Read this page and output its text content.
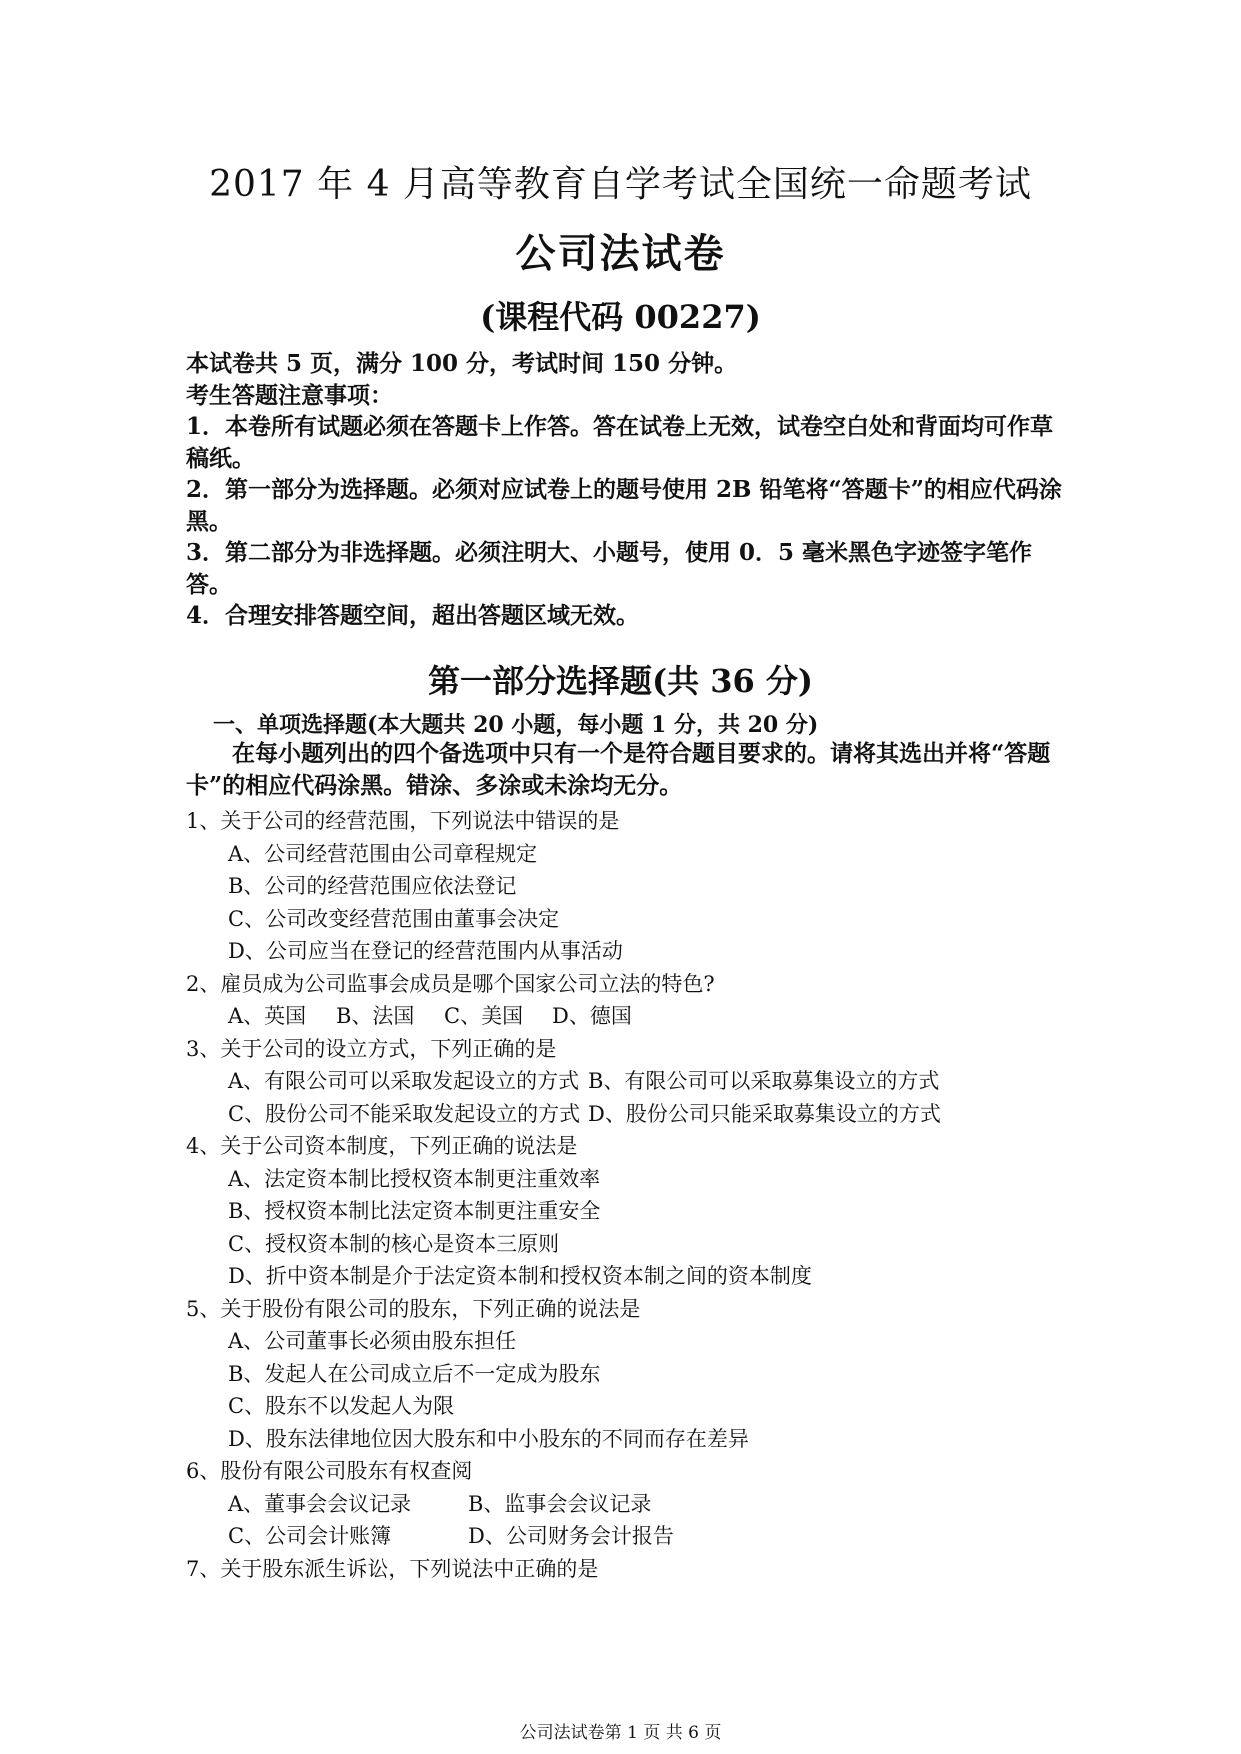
2017 年 4 月高等教育自学考试全国统一命题考试
公司法试卷
(课程代码 00227)
本试卷共 5 页，满分 100 分，考试时间 150 分钟。
考生答题注意事项：
1．本卷所有试题必须在答题卡上作答。答在试卷上无效，试卷空白处和背面均可作草稿纸。
2．第一部分为选择题。必须对应试卷上的题号使用 2B 铅笔将“答题卡”的相应代码涂黑。
3．第二部分为非选择题。必须注明大、小题号，使用 0．5 毫米黑色字迹签字笔作答。
4．合理安排答题空间，超出答题区域无效。
第一部分选择题(共 36 分)
一、单项选择题(本大题共 20 小题，每小题 1 分，共 20 分)
在每小题列出的四个备选项中只有一个是符合题目要求的。请将其选出并将“答题卡”的相应代码涂黑。错涂、多涂或未涂均无分。
1、关于公司的经营范围，下列说法中错误的是
A、公司经营范围由公司章程规定
B、公司的经营范围应依法登记
C、公司改变经营范围由董事会决定
D、公司应当在登记的经营范围内从事活动
2、雇员成为公司监事会成员是哪个国家公司立法的特色?
A、英国	B、法国	C、美国	D、德国
3、关于公司的设立方式，下列正确的是
A、有限公司可以采取发起设立的方式 B、有限公司可以采取募集设立的方式
C、股份公司不能采取发起设立的方式 D、股份公司只能采取募集设立的方式
4、关于公司资本制度，下列正确的说法是
A、法定资本制比授权资本制更注重效率
B、授权资本制比法定资本制更注重安全
C、授权资本制的核心是资本三原则
D、折中资本制是介于法定资本制和授权资本制之间的资本制度
5、关于股份有限公司的股东，下列正确的说法是
A、公司董事长必须由股东担任
B、发起人在公司成立后不一定成为股东
C、股东不以发起人为限
D、股东法律地位因大股东和中小股东的不同而存在差异
6、股份有限公司股东有权查阅
A、董事会会议记录	B、监事会会议记录
C、公司会计账簿	D、公司财务会计报告
7、关于股东派生诉讼，下列说法中正确的是
公司法试卷第 1 页 共 6 页
